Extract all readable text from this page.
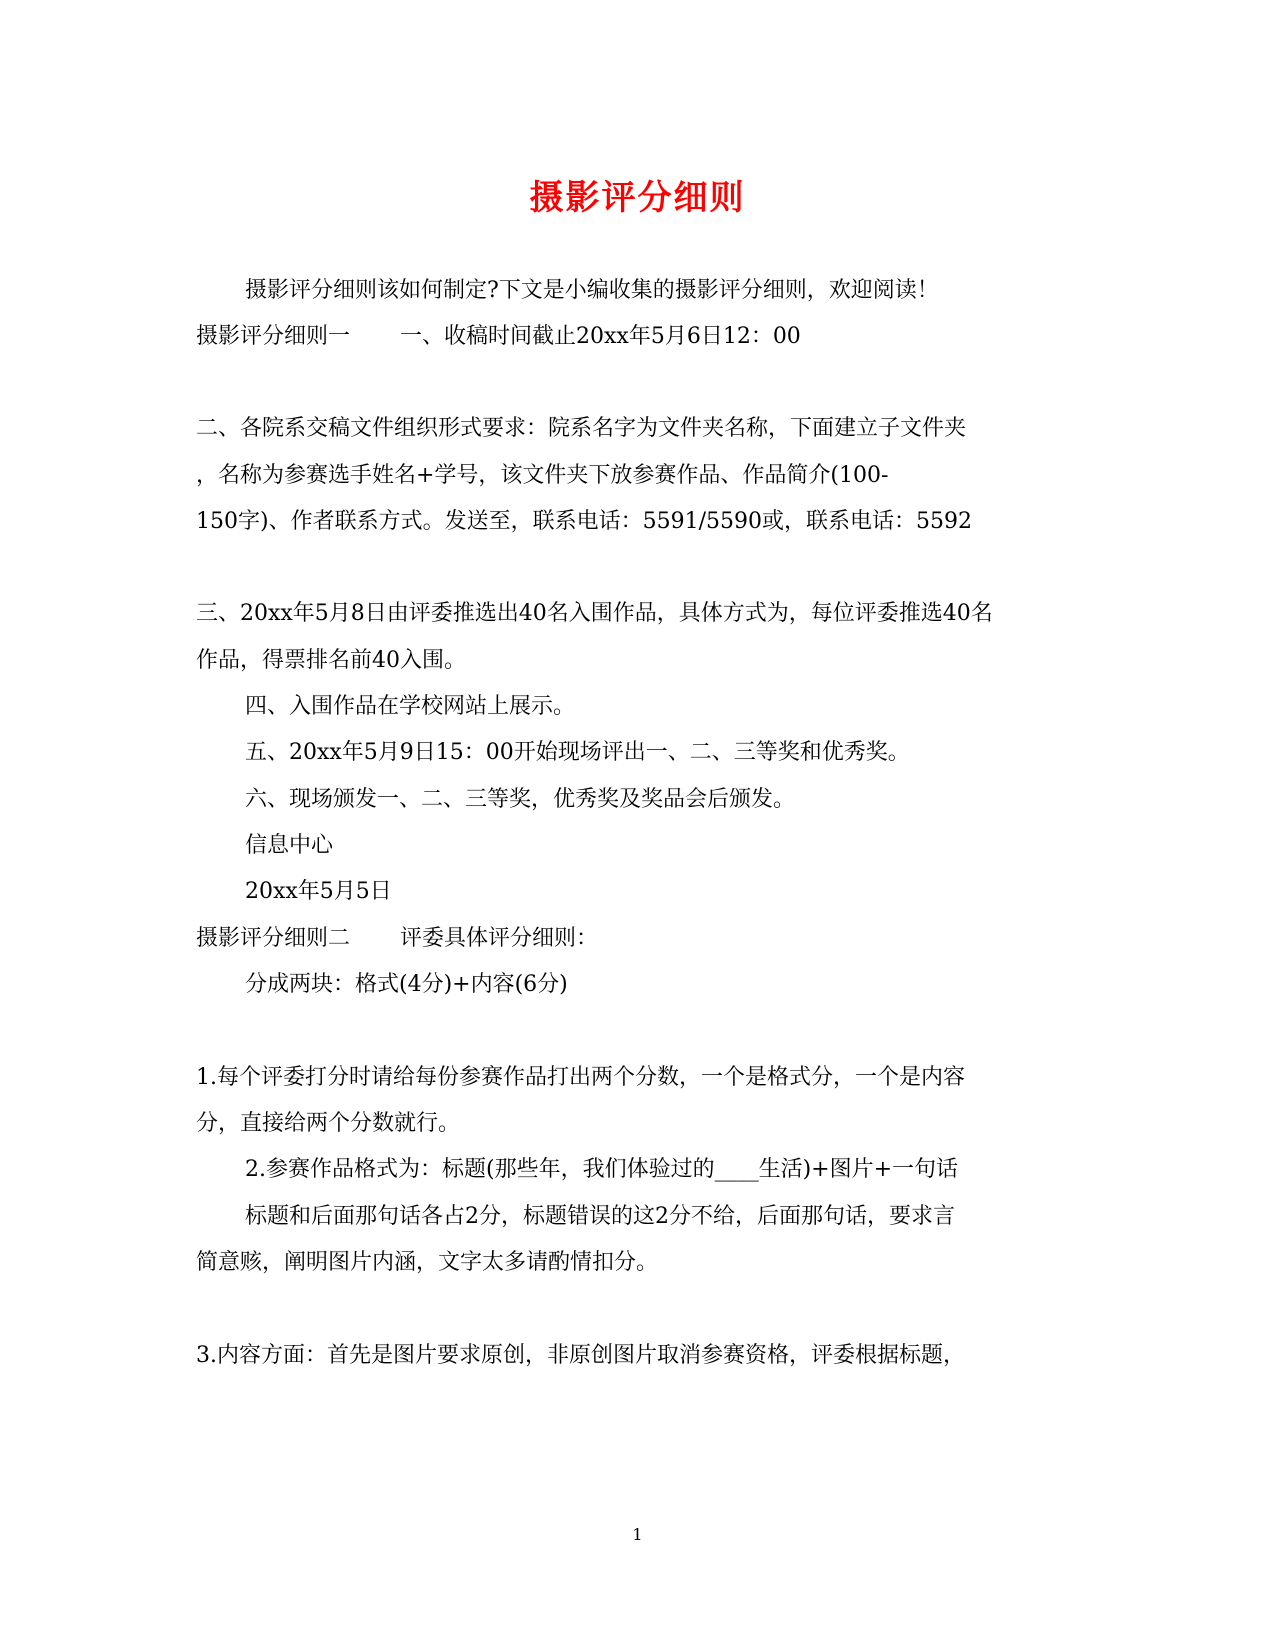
摄影评分细则
摄影评分细则该如何制定?下文是小编收集的摄影评分细则，欢迎阅读！
摄影评分细则一 一、收稿时间截止20xx年5月6日12：00
二、各院系交稿文件组织形式要求：院系名字为文件夹名称，下面建立子文件夹
，名称为参赛选手姓名+学号，该文件夹下放参赛作品、作品简介(100-
150字)、作者联系方式。发送至，联系电话：5591/5590或，联系电话：5592
三、20xx年5月8日由评委推选出40名入围作品，具体方式为，每位评委推选40名
作品，得票排名前40入围。
四、入围作品在学校网站上展示。
五、20xx年5月9日15：00开始现场评出一、二、三等奖和优秀奖。
六、现场颁发一、二、三等奖，优秀奖及奖品会后颁发。
信息中心
20xx年5月5日
摄影评分细则二 评委具体评分细则：
分成两块：格式(4分)+内容(6分)
1.每个评委打分时请给每份参赛作品打出两个分数，一个是格式分，一个是内容
分，直接给两个分数就行。
2.参赛作品格式为：标题(那些年，我们体验过的____生活)+图片+一句话
标题和后面那句话各占2分，标题错误的这2分不给，后面那句话，要求言
简意赅，阐明图片内涵，文字太多请酌情扣分。
3.内容方面：首先是图片要求原创，非原创图片取消参赛资格，评委根据标题，
1
